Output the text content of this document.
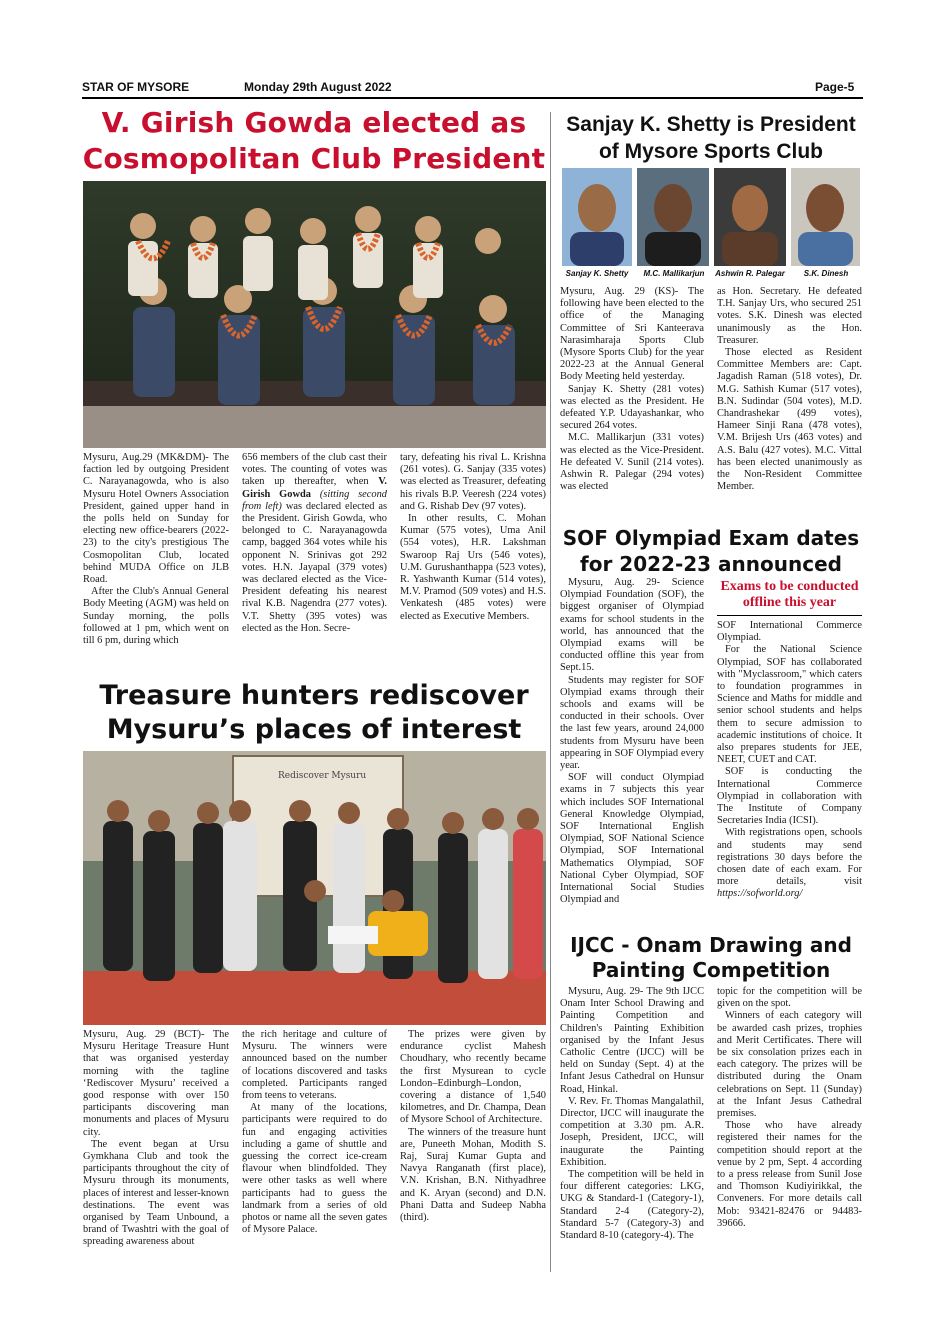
STAR OF MYSORE	Monday 29th August 2022	Page-5
V. Girish Gowda elected as
Cosmopolitan Club President

Mysuru, Aug.29 (MK&DM)- The faction led by outgoing President C. Narayanagowda, who is also Mysuru Hotel Owners Association President, gained upper hand in the polls held on Sunday for electing new office-bearers (2022-23) to the city's prestigious The Cosmopolitan Club, located behind MUDA Office on JLB Road.

After the Club's Annual General Body Meeting (AGM) was held on Sunday morning, the polls followed at 1 pm, which went on till 6 pm, during which

656 members of the club cast their votes. The counting of votes was taken up thereafter, when V. Girish Gowda (sitting second from left) was declared elected as the President. Girish Gowda, who belonged to C. Narayanagowda camp, bagged 364 votes while his opponent N. Srinivas got 292 votes. H.N. Jayapal (379 votes) was declared elected as the Vice-President defeating his nearest rival K.B. Nagendra (277 votes). V.T. Shetty (395 votes) was elected as the Hon. Secre-

tary, defeating his rival L. Krishna (261 votes). G. Sanjay (335 votes) was elected as Treasurer, defeating his rivals B.P. Veeresh (224 votes) and G. Rishab Dev (97 votes).

In other results, C. Mohan Kumar (575 votes), Uma Anil (554 votes), H.R. Lakshman Swaroop Raj Urs (546 votes), U.M. Gurushanthappa (523 votes), R. Yashwanth Kumar (514 votes), M.V. Pramod (509 votes) and H.S. Venkatesh (485 votes) were elected as Executive Members.

Treasure hunters rediscover
Mysuru’s places of interest
Rediscover Mysuru

Mysuru, Aug. 29 (BCT)- The Mysuru Heritage Treasure Hunt that was organised yesterday morning with the tagline ‘Rediscover Mysuru’ received a good response with over 150 participants discovering man monuments and places of Mysuru city.

The event began at Ursu Gymkhana Club and took the participants throughout the city of Mysuru through its monuments, places of interest and lesser-known destinations. The event was organised by Team Unbound, a brand of Twashtri with the goal of spreading awareness about

the rich heritage and culture of Mysuru. The winners were announced based on the number of locations discovered and tasks completed. Participants ranged from teens to veterans.

At many of the locations, participants were required to do fun and engaging activities including a game of shuttle and guessing the correct ice-cream flavour when blindfolded. They were other tasks as well where participants had to guess the landmark from a series of old photos or name all the seven gates of Mysore Palace.

The prizes were given by endurance cyclist Mahesh Choudhary, who recently became the first Mysurean to cycle London–Edinburgh–London, covering a distance of 1,540 kilometres, and Dr. Champa, Dean of Mysore School of Architecture.

The winners of the treasure hunt are, Puneeth Mohan, Modith S. Raj, Suraj Kumar Gupta and Navya Ranganath (first place), V.N. Krishan, B.N. Nithyadhree and K. Aryan (second) and D.N. Phani Datta and Sudeep Nabha (third).

Sanjay K. Shetty is President
of Mysore Sports Club
Sanjay K. Shetty	M.C. Mallikarjun	Ashwin R. Palegar	S.K. Dinesh

Mysuru, Aug. 29 (KS)- The following have been elected to the office of the Managing Committee of Sri Kanteerava Narasimharaja Sports Club (Mysore Sports Club) for the year 2022-23 at the Annual General Body Meeting held yesterday.

Sanjay K. Shetty (281 votes) was elected as the President. He defeated Y.P. Udayashankar, who secured 264 votes.

M.C. Mallikarjun (331 votes) was elected as the Vice-President. He defeated V. Sunil (214 votes). Ashwin R. Palegar (294 votes) was elected

as Hon. Secretary. He defeated T.H. Sanjay Urs, who secured 251 votes. S.K. Dinesh was elected unanimously as the Hon. Treasurer.

Those elected as Resident Committee Members are: Capt. Jagadish Raman (518 votes), Dr. M.G. Sathish Kumar (517 votes), B.N. Sudindar (504 votes), M.D. Chandrashekar (499 votes), Hameer Sinji Rana (478 votes), V.M. Brijesh Urs (463 votes) and A.S. Balu (427 votes). M.C. Vittal has been elected unanimously as the Non-Resident Committee Member.

SOF Olympiad Exam dates
for 2022-23 announced

Mysuru, Aug. 29- Science Olympiad Foundation (SOF), the biggest organiser of Olympiad exams for school students in the world, has announced that the Olympiad exams will be conducted offline this year from Sept.15.

Students may register for SOF Olympiad exams through their schools and exams will be conducted in their schools. Over the last few years, around 24,000 students from Mysuru have been appearing in SOF Olympiad every year.

SOF will conduct Olympiad exams in 7 subjects this year which includes SOF International General Knowledge Olympiad, SOF International English Olympiad, SOF National Science Olympiad, SOF International Mathematics Olympiad, SOF National Cyber Olympiad, SOF International Social Studies Olympiad and

Exams to be conducted
offline this year

SOF International Commerce Olympiad.

For the National Science Olympiad, SOF has collaborated with "Myclassroom," which caters to foundation programmes in Science and Maths for middle and senior school students and helps them to secure admission to academic institutions of choice. It also prepares students for JEE, NEET, CUET and CAT.

SOF is conducting the International Commerce Olympiad in collaboration with The Institute of Company Secretaries India (ICSI).

With registrations open, schools and students may send registrations 30 days before the chosen date of each exam. For more details, visit https://sofworld.org/

IJCC - Onam Drawing and
Painting Competition

Mysuru, Aug. 29- The 9th IJCC Onam Inter School Drawing and Painting Competition and Children's Painting Exhibition organised by the Infant Jesus Catholic Centre (IJCC) will be held on Sunday (Sept. 4) at the Infant Jesus Cathedral on Hunsur Road, Hinkal.

V. Rev. Fr. Thomas Mangalathil, Director, IJCC will inaugurate the competition at 3.30 pm. A.R. Joseph, President, IJCC, will inaugurate the Painting Exhibition.

The competition will be held in four different categories: LKG, UKG & Standard-1 (Category-1), Standard 2-4 (Category-2), Standard 5-7 (Category-3) and Standard 8-10 (category-4). The

topic for the competition will be given on the spot.

Winners of each category will be awarded cash prizes, trophies and Merit Certificates. There will be six consolation prizes each in each category. The prizes will be distributed during the Onam celebrations on Sept. 11 (Sunday) at the Infant Jesus Cathedral premises.

Those who have already registered their names for the competition should report at the venue by 2 pm, Sept. 4 according to a press release from Sunil Jose and Thomson Kudiyirikkal, the Conveners. For more details call Mob: 93421-82476 or 94483-39666.
